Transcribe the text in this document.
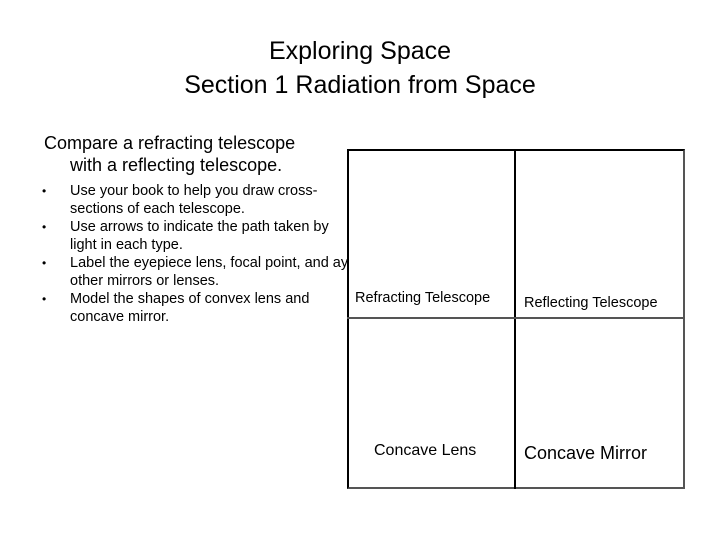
Exploring Space
Section 1 Radiation from Space
Compare a refracting telescope
with a reflecting telescope.
• Use your book to help you draw cross-sections of each telescope.
• Use arrows to indicate the path taken by light in each type.
• Label the eyepiece lens, focal point, and ay other mirrors or lenses.
• Model the shapes of convex lens and concave mirror.
Refracting Telescope Reflecting Telescope
Concave Lens	Concave Mirror
